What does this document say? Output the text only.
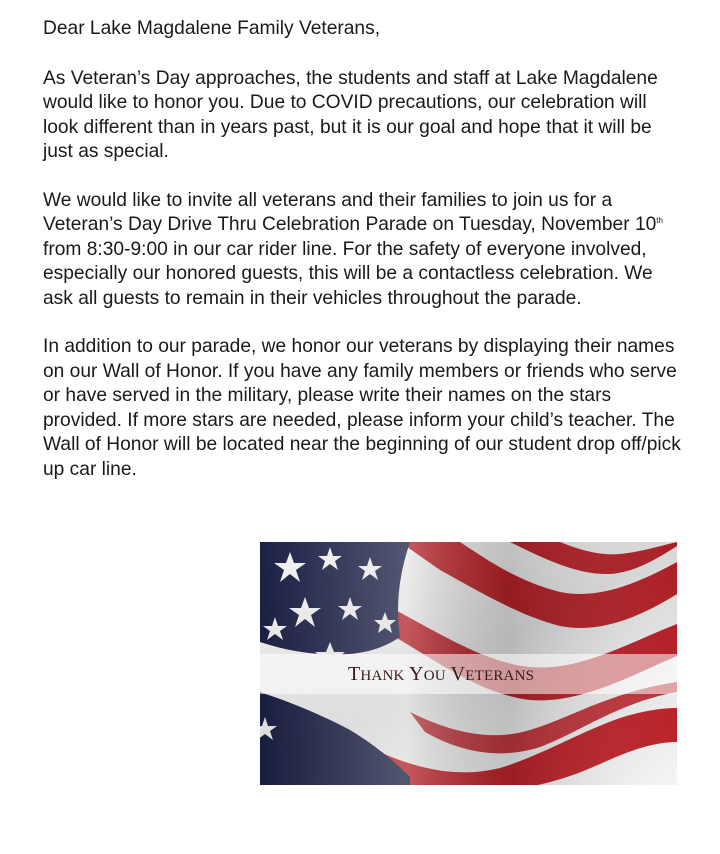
Dear Lake Magdalene Family Veterans,

As Veteran’s Day approaches, the students and staff at Lake Magdalene would like to honor you. Due to COVID precautions, our celebration will look different than in years past, but it is our goal and hope that it will be just as special.

We would like to invite all veterans and their families to join us for a Veteran’s Day Drive Thru Celebration Parade on Tuesday, November 10th from 8:30-9:00 in our car rider line. For the safety of everyone involved, especially our honored guests, this will be a contactless celebration. We ask all guests to remain in their vehicles throughout the parade.

In addition to our parade, we honor our veterans by displaying their names on our Wall of Honor. If you have any family members or friends who serve or have served in the military, please write their names on the stars provided. If more stars are needed, please inform your child’s teacher. The Wall of Honor will be located near the beginning of our student drop off/pick up car line.

THANK YOU VETERANS
